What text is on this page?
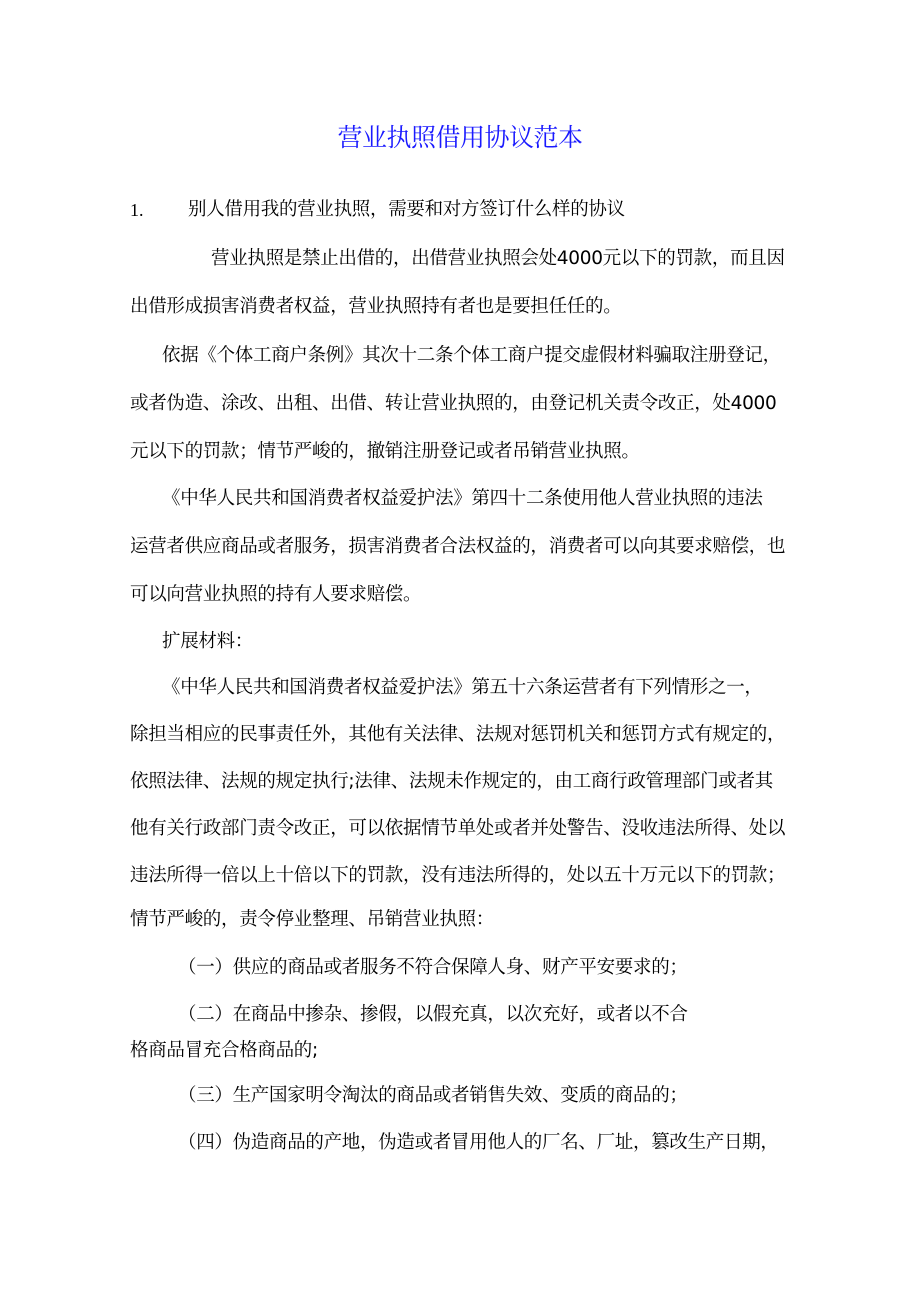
营业执照借用协议范本
1. 别人借用我的营业执照，需要和对方签订什么样的协议
营业执照是禁止出借的，出借营业执照会处4000元以下的罚款，而且因
出借形成损害消费者权益，营业执照持有者也是要担任任的。
依据《个体工商户条例》其次十二条个体工商户提交虚假材料骗取注册登记，
或者伪造、涂改、出租、出借、转让营业执照的，由登记机关责令改正，处4000
元以下的罚款；情节严峻的，撤销注册登记或者吊销营业执照。
《中华人民共和国消费者权益爱护法》第四十二条使用他人营业执照的违法
运营者供应商品或者服务，损害消费者合法权益的，消费者可以向其要求赔偿，也
可以向营业执照的持有人要求赔偿。
扩展材料：
《中华人民共和国消费者权益爱护法》第五十六条运营者有下列情形之一，
除担当相应的民事责任外，其他有关法律、法规对惩罚机关和惩罚方式有规定的，
依照法律、法规的规定执行;法律、法规未作规定的，由工商行政管理部门或者其
他有关行政部门责令改正，可以依据情节单处或者并处警告、没收违法所得、处以
违法所得一倍以上十倍以下的罚款，没有违法所得的，处以五十万元以下的罚款；
情节严峻的，责令停业整理、吊销营业执照：
（一）供应的商品或者服务不符合保障人身、财产平安要求的；
（二）在商品中掺杂、掺假，以假充真，以次充好，或者以不合
格商品冒充合格商品的;
（三）生产国家明令淘汰的商品或者销售失效、变质的商品的；
（四）伪造商品的产地，伪造或者冒用他人的厂名、厂址，篡改生产日期，
